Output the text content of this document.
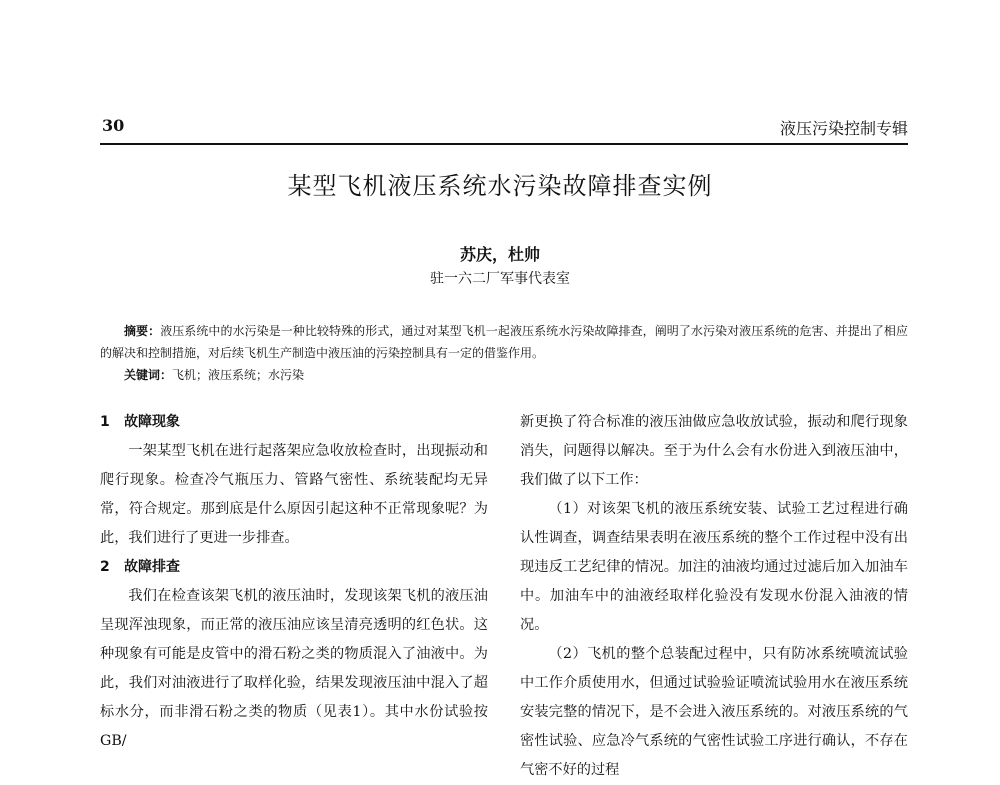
30	液压污染控制专辑
某型飞机液压系统水污染故障排查实例
苏庆，杜帅
驻一六二厂军事代表室

摘要：液压系统中的水污染是一种比较特殊的形式，通过对某型飞机一起液压系统水污染故障排查，阐明了水污染对液压系统的危害、并提出了相应的解决和控制措施，对后续飞机生产制造中液压油的污染控制具有一定的借鉴作用。

关键词：飞机；液压系统；水污染

1 故障现象

一架某型飞机在进行起落架应急收放检查时，出现振动和爬行现象。检查冷气瓶压力、管路气密性、系统装配均无异常，符合规定。那到底是什么原因引起这种不正常现象呢？为此，我们进行了更进一步排查。

2 故障排查

我们在检查该架飞机的液压油时，发现该架飞机的液压油呈现浑浊现象，而正常的液压油应该呈清亮透明的红色状。这种现象有可能是皮管中的滑石粉之类的物质混入了油液中。为此，我们对油液进行了取样化验，结果发现液压油中混入了超标水分，而非滑石粉之类的物质（见表1）。其中水份试验按 GB/

新更换了符合标准的液压油做应急收放试验，振动和爬行现象消失，问题得以解决。至于为什么会有水份进入到液压油中，我们做了以下工作：

（1）对该架飞机的液压系统安装、试验工艺过程进行确认性调查，调查结果表明在液压系统的整个工作过程中没有出现违反工艺纪律的情况。加注的油液均通过过滤后加入加油车中。加油车中的油液经取样化验没有发现水份混入油液的情况。

（2）飞机的整个总装配过程中，只有防冰系统喷流试验中工作介质使用水，但通过试验验证喷流试验用水在液压系统安装完整的情况下，是不会进入液压系统的。对液压系统的气密性试验、应急冷气系统的气密性试验工序进行确认，不存在气密不好的过程
